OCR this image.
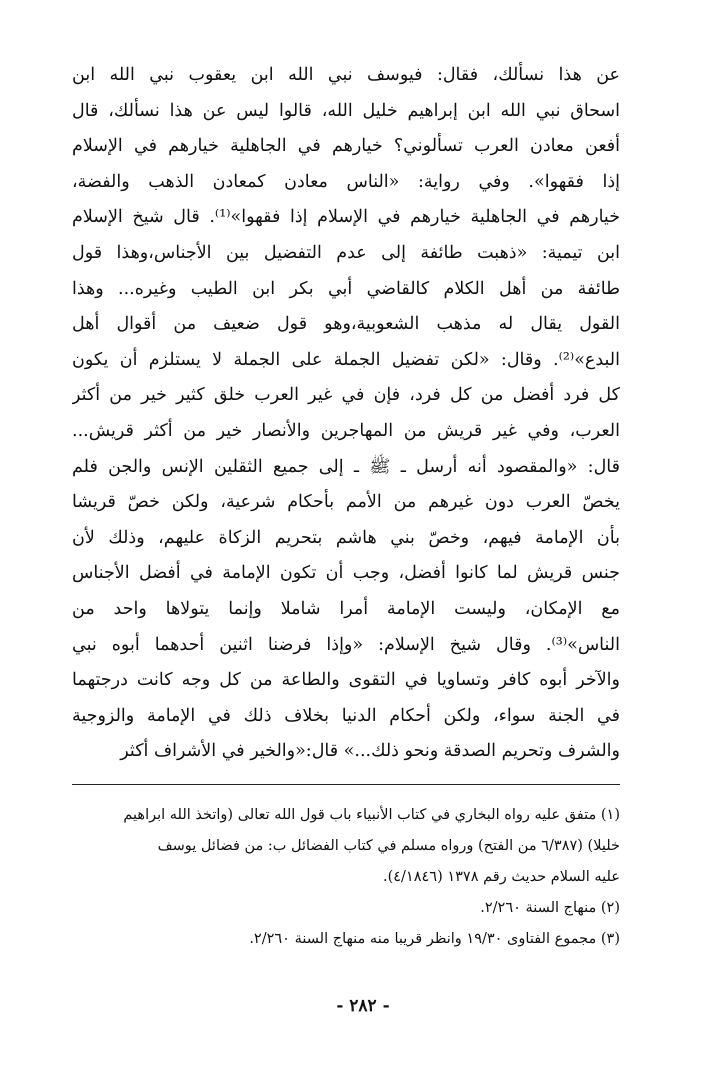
عن هذا نسألك، فقال: فيوسف نبي الله ابن يعقوب نبي الله ابن
اسحاق نبي الله ابن إبراهيم خليل الله، قالوا ليس عن هذا نسألك، قال
أفعن معادن العرب تسألوني؟ خيارهم في الجاهلية خيارهم في الإسلام
إذا فقهوا». وفي رواية: «الناس معادن كمعادن الذهب والفضة،
خيارهم في الجاهلية خيارهم في الإسلام إذا فقهوا»⁽¹⁾. قال شيخ الإسلام
ابن تيمية: «ذهبت طائفة إلى عدم التفضيل بين الأجناس،وهذا قول
طائفة من أهل الكلام كالقاضي أبي بكر ابن الطيب وغيره... وهذا
القول يقال له مذهب الشعوبية،وهو قول ضعيف من أقوال أهل
البدع»⁽²⁾. وقال: «لكن تفضيل الجملة على الجملة لا يستلزم أن يكون
كل فرد أفضل من كل فرد، فإن في غير العرب خلق كثير خير من أكثر
العرب، وفي غير قريش من المهاجرين والأنصار خير من أكثر قريش...
قال: «والمقصود أنه أرسل ـ ﷺ ـ إلى جميع الثقلين الإنس والجن فلم
يخصّ العرب دون غيرهم من الأمم بأحكام شرعية، ولكن خصّ قريشا
بأن الإمامة فيهم، وخصّ بني هاشم بتحريم الزكاة عليهم، وذلك لأن
جنس قريش لما كانوا أفضل، وجب أن تكون الإمامة في أفضل الأجناس
مع الإمكان، وليست الإمامة أمرا شاملا وإنما يتولاها واحد من
الناس»⁽³⁾. وقال شيخ الإسلام: «وإذا فرضنا اثنين أحدهما أبوه نبي
والآخر أبوه كافر وتساويا في التقوى والطاعة من كل وجه كانت درجتهما
في الجنة سواء، ولكن أحكام الدنيا بخلاف ذلك في الإمامة والزوجية
والشرف وتحريم الصدقة ونحو ذلك...» قال:«والخير في الأشراف أكثر
(١) متفق عليه رواه البخاري في كتاب الأنبياء باب قول الله تعالى (واتخذ الله ابراهيم
خليلا) (٦/٣٨٧ من الفتح) ورواه مسلم في كتاب الفضائل ب: من فضائل يوسف
عليه السلام حديث رقم ١٣٧٨ (٤/١٨٤٦).
(٢) منهاج السنة ٢/٢٦٠.
(٣) مجموع الفتاوى ١٩/٣٠ وانظر قريبا منه منهاج السنة ٢/٢٦٠.
- ٢٨٢ -
